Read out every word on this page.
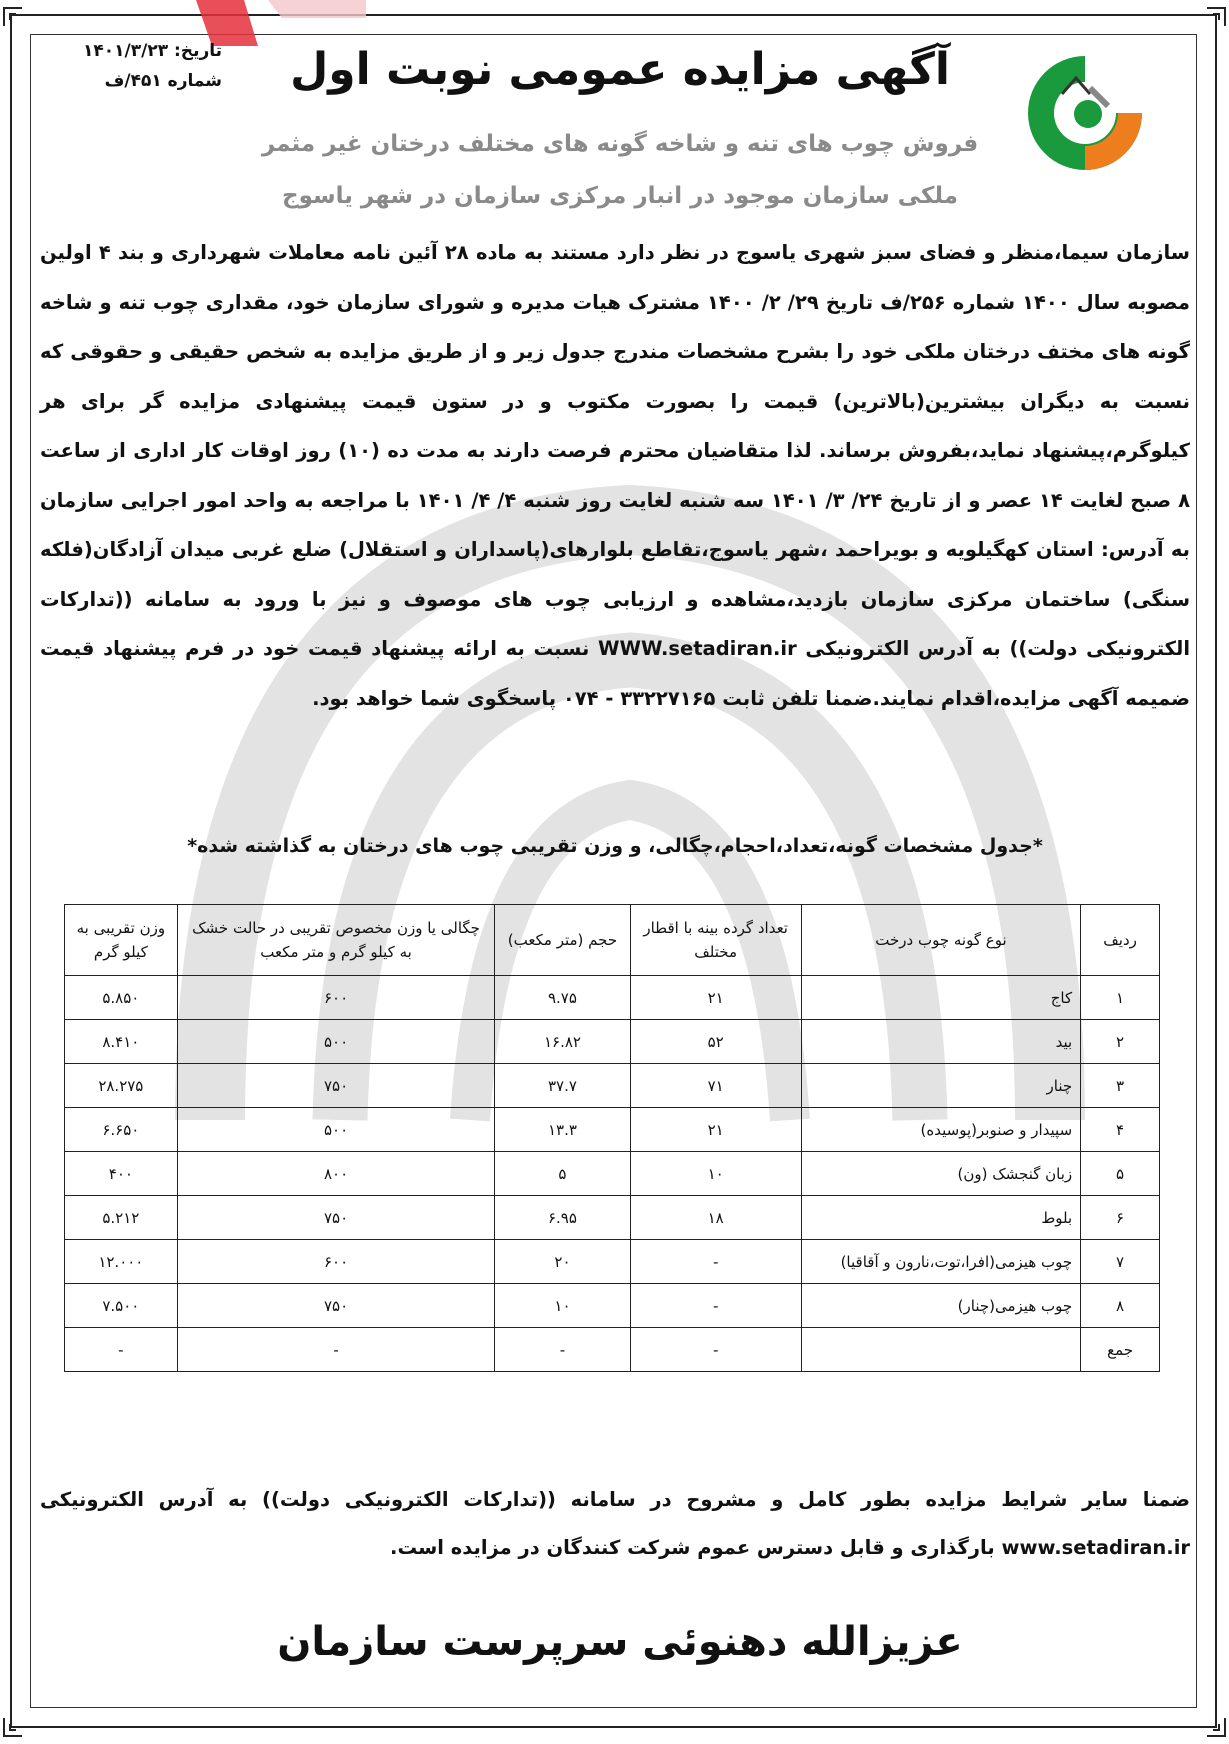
تاریخ: ۱۴۰۱/۳/۲۳
شماره ۴۵۱/ف	آگهی مزایده عمومی نوبت اول
فروش چوب های تنه و شاخه گونه های مختلف درختان غیر مثمر
ملکی سازمان موجود در انبار مرکزی سازمان در شهر یاسوج
سازمان سیما،منظر و فضای سبز شهری یاسوج در نظر دارد مستند به ماده ۲۸ آئین نامه معاملات شهرداری و بند ۴ اولین مصوبه سال ۱۴۰۰ شماره ۲۵۶/ف تاریخ ۲۹/ ۲/ ۱۴۰۰ مشترک هیات مدیره و شورای سازمان خود، مقداری چوب تنه و شاخه گونه های مختف درختان ملکی خود را بشرح مشخصات مندرج جدول زیر و از طریق مزایده به شخص حقیقی و حقوقی که نسبت به دیگران بیشترین(بالاترین) قیمت را بصورت مکتوب و در ستون قیمت پیشنهادی مزایده گر برای هر کیلوگرم،پیشنهاد نماید،بفروش برساند. لذا متقاضیان محترم فرصت دارند به مدت ده (۱۰) روز اوقات کار اداری از ساعت ۸ صبح لغایت ۱۴ عصر و از تاریخ ۲۴/ ۳/ ۱۴۰۱ سه شنبه لغایت روز شنبه ۴/ ۴/ ۱۴۰۱ با مراجعه به واحد امور اجرایی سازمان به آدرس: استان کهگیلویه و بویراحمد ،شهر یاسوج،تقاطع بلوارهای(پاسداران و استقلال) ضلع غربی میدان آزادگان(فلکه سنگی) ساختمان مرکزی سازمان بازدید،مشاهده و ارزیابی چوب های موصوف و نیز با ورود به سامانه ((تدارکات الکترونیکی دولت)) به آدرس الکترونیکی WWW.setadiran.ir نسبت به ارائه پیشنهاد قیمت خود در فرم پیشنهاد قیمت ضمیمه آگهی مزایده،اقدام نمایند.ضمنا تلفن ثابت ۳۳۲۲۷۱۶۵ - ۰۷۴ پاسخگوی شما خواهد بود.
*جدول مشخصات گونه،تعداد،احجام،چگالی، و وزن تقریبی چوب های درختان به گذاشته شده*
ردیف	نوع گونه چوب درخت	تعداد گرده بینه با اقطار مختلف	حجم (متر مکعب)	چگالی یا وزن مخصوص تقریبی در حالت خشک به کیلو گرم و متر مکعب	وزن تقریبی به کیلو گرم
۱	کاج	۲۱	۹.۷۵	۶۰۰	۵.۸۵۰
۲	بید	۵۲	۱۶.۸۲	۵۰۰	۸.۴۱۰
۳	چنار	۷۱	۳۷.۷	۷۵۰	۲۸.۲۷۵
۴	سپیدار و صنوبر(پوسیده)	۲۱	۱۳.۳	۵۰۰	۶.۶۵۰
۵	زبان گنجشک (ون)	۱۰	۵	۸۰۰	۴۰۰
۶	بلوط	۱۸	۶.۹۵	۷۵۰	۵.۲۱۲
۷	چوب هیزمی(افرا،توت،نارون و آقاقیا)	-	۲۰	۶۰۰	۱۲.۰۰۰
۸	چوب هیزمی(چنار)	-	۱۰	۷۵۰	۷.۵۰۰
جمع		-	-	-	-
ضمنا سایر شرایط مزایده بطور کامل و مشروح در سامانه ((تدارکات الکترونیکی دولت)) به آدرس الکترونیکی www.setadiran.ir بارگذاری و قابل دسترس عموم شرکت کنندگان در مزایده است.
عزیزالله دهنوئی سرپرست سازمان
